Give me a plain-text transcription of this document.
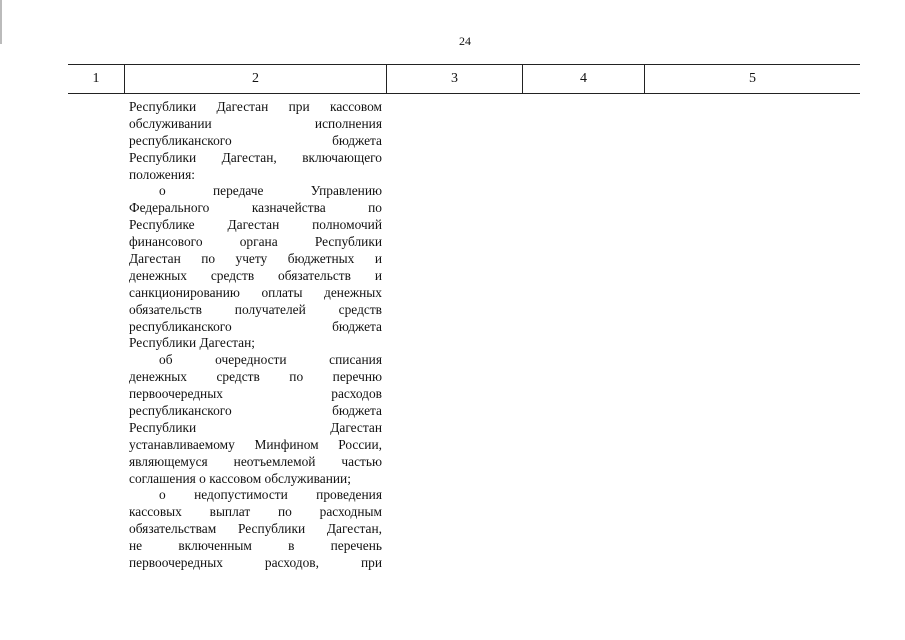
24
1	2	3	4	5
Республики Дагестан при кассовом
обслуживании исполнения
республиканского бюджета
Республики Дагестан, включающего
положения:
о передаче Управлению
Федерального казначейства по
Республике Дагестан полномочий
финансового органа Республики
Дагестан по учету бюджетных и
денежных средств обязательств и
санкционированию оплаты денежных
обязательств получателей средств
республиканского бюджета
Республики Дагестан;
об очередности списания
денежных средств по перечню
первоочередных расходов
республиканского бюджета
Республики Дагестан
устанавливаемому Минфином России,
являющемуся неотъемлемой частью
соглашения о кассовом обслуживании;
о недопустимости проведения
кассовых выплат по расходным
обязательствам Республики Дагестан,
не включенным в перечень
первоочередных расходов, при
